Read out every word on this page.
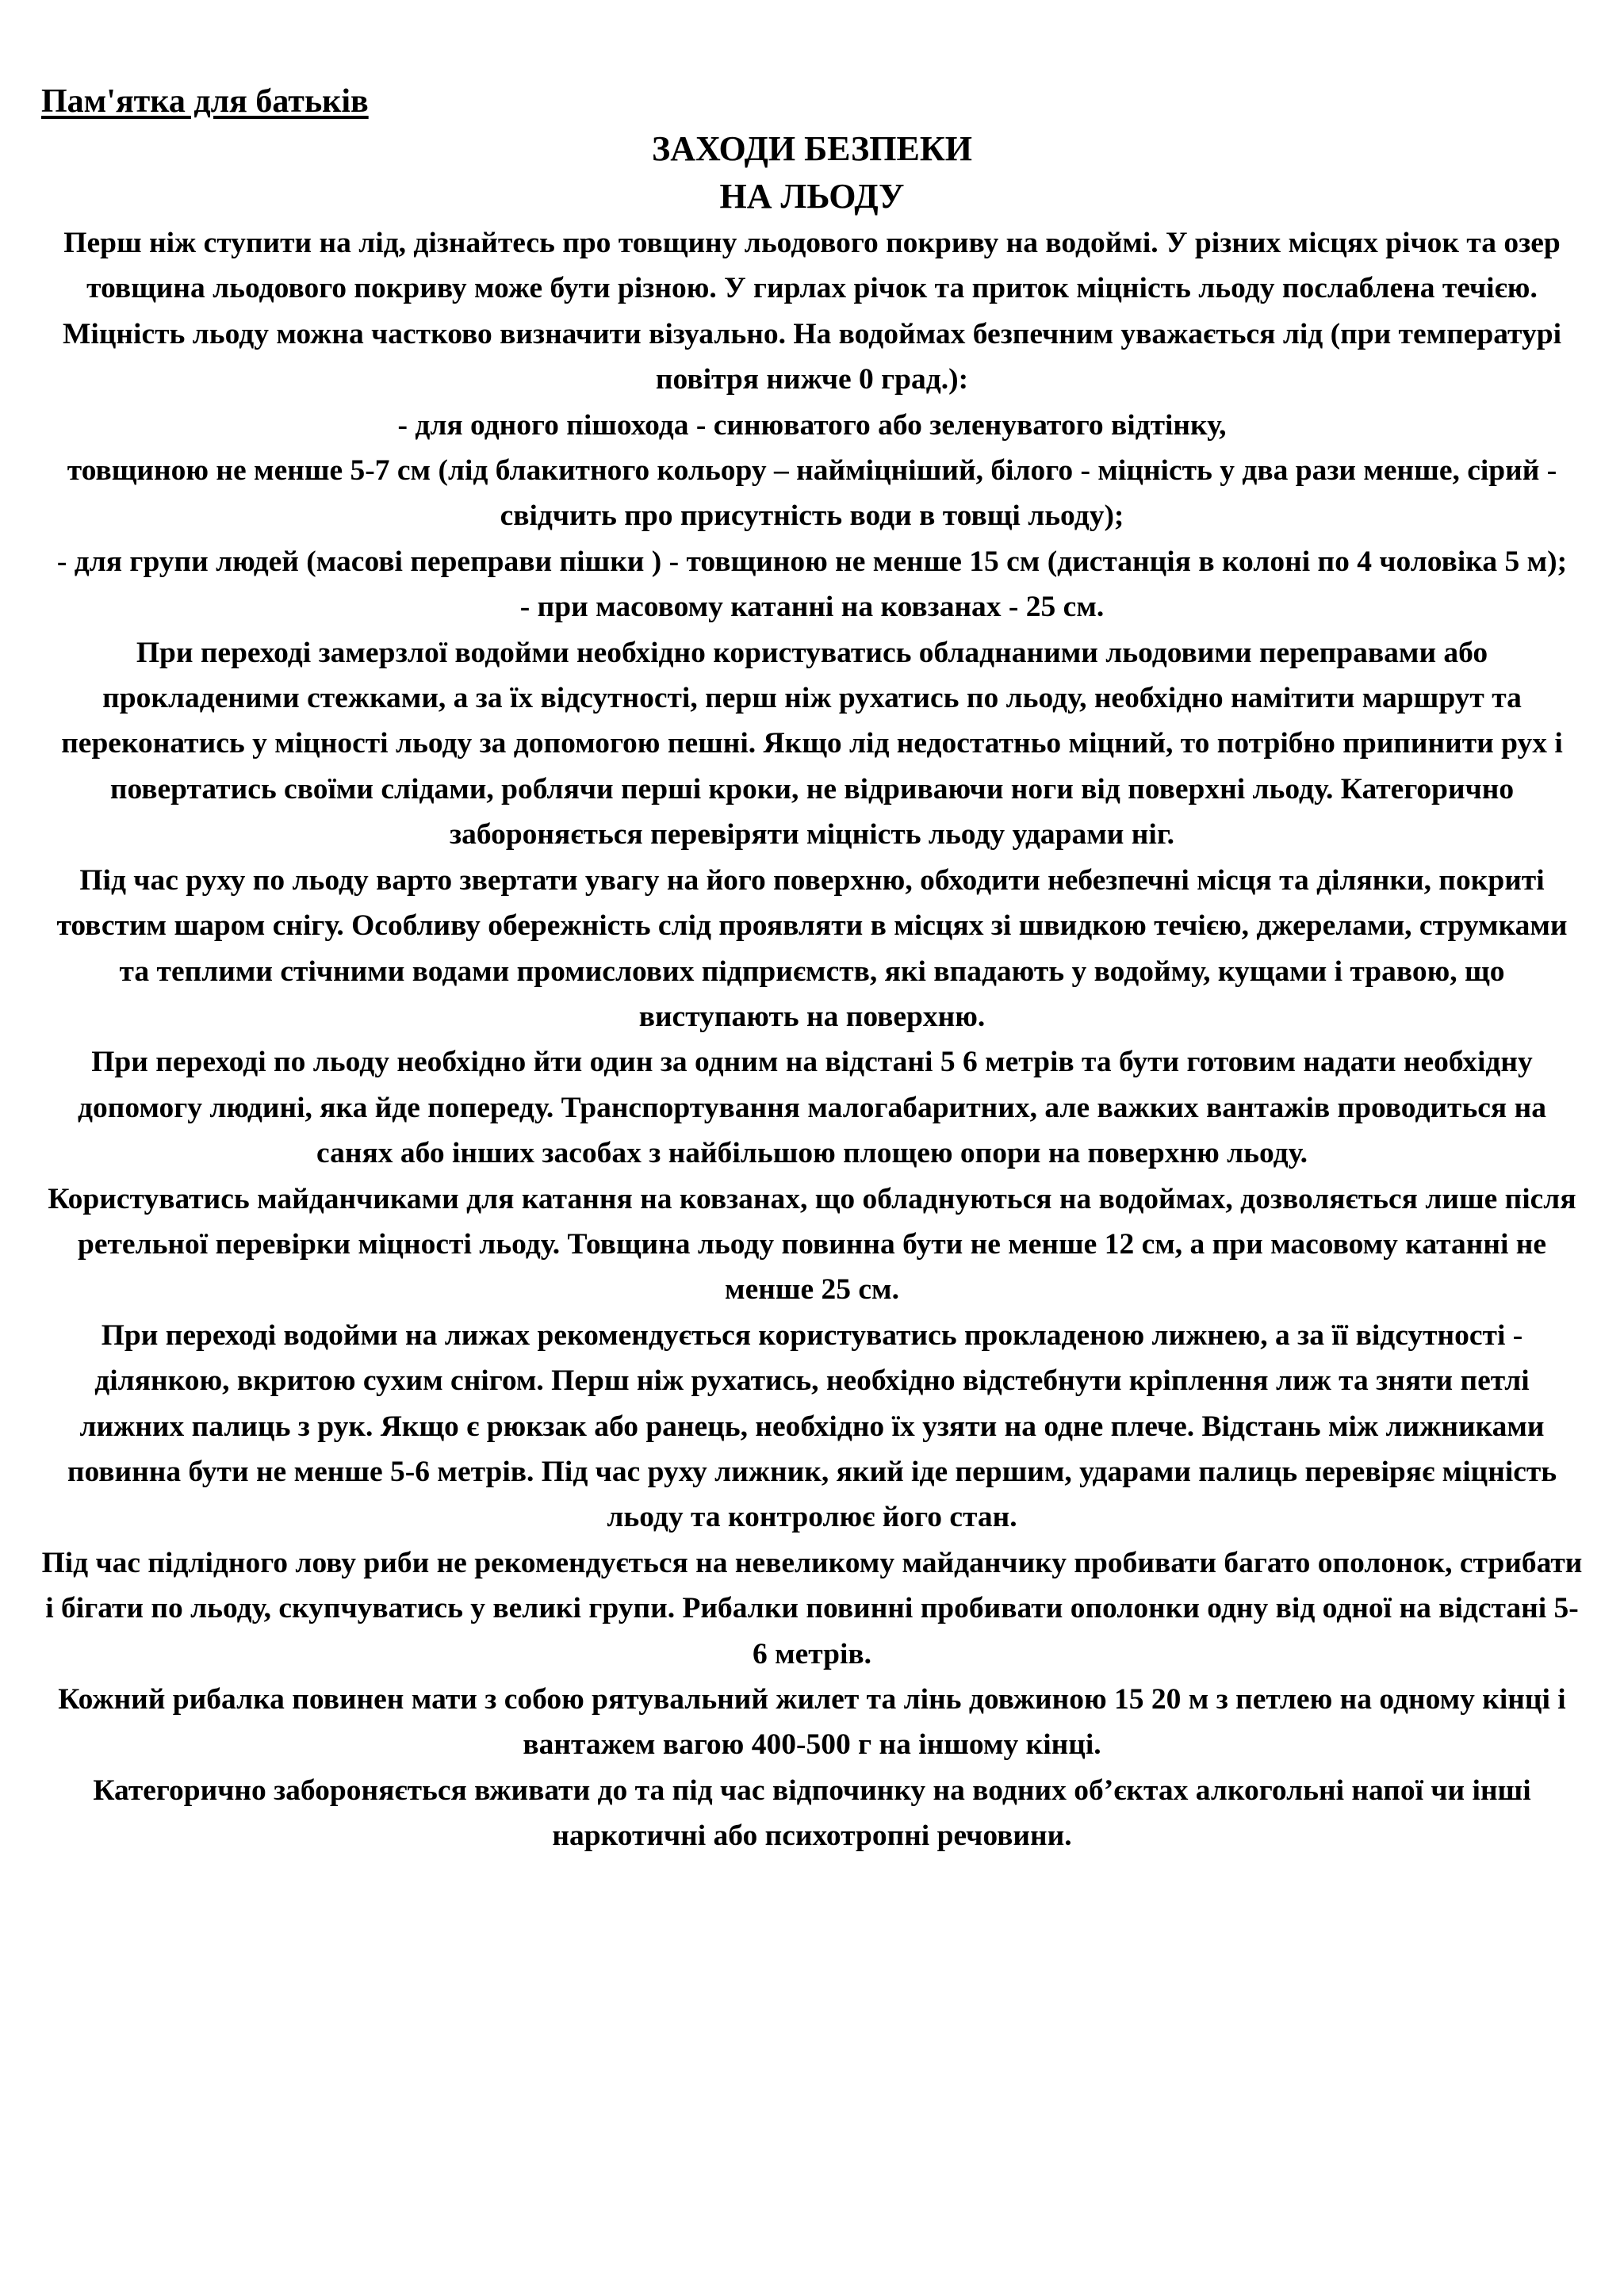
Пам'ятка для батьків

ЗАХОДИ БЕЗПЕКИ

НА ЛЬОДУ

Перш ніж ступити на лід, дізнайтесь про товщину льодового покриву на водоймі. У різних місцях річок та озер товщина льодового покриву може бути різною. У гирлах річок та приток міцність льоду послаблена течією.

Міцність льоду можна частково визначити візуально. На водоймах безпечним уважається лід (при температурі повітря нижче 0 град.):

- для одного пішохода - синюватого або зеленуватого відтінку,

товщиною не менше 5-7 см (лід блакитного кольору – найміцніший, білого - міцність у два рази менше, сірий - свідчить про присутність води в товщі льоду);

- для групи людей (масові переправи пішки ) - товщиною не менше 15 см (дистанція в колоні по 4 чоловіка 5 м);

- при масовому катанні на ковзанах - 25 см.

При переході замерзлої водойми необхідно користуватись обладнаними льодовими переправами або прокладеними стежками, а за їх відсутності, перш ніж рухатись по льоду, необхідно намітити маршрут та переконатись у міцності льоду за допомогою пешні. Якщо лід недостатньо міцний, то потрібно припинити рух і повертатись своїми слідами, роблячи перші кроки, не відриваючи ноги від поверхні льоду. Категорично забороняється перевіряти міцність льоду ударами ніг.

Під час руху по льоду варто звертати увагу на його поверхню, обходити небезпечні місця та ділянки, покриті товстим шаром снігу. Особливу обережність слід проявляти в місцях зі швидкою течією, джерелами, струмками та теплими стічними водами промислових підприємств, які впадають у водойму, кущами і травою, що виступають на поверхню.

При переході по льоду необхідно йти один за одним на відстані 5 6 метрів та бути готовим надати необхідну допомогу людині, яка йде попереду. Транспортування малогабаритних, але важких вантажів проводиться на санях або інших засобах з найбільшою площею опори на поверхню льоду.

Користуватись майданчиками для катання на ковзанах, що обладнуються на водоймах, дозволяється лише після ретельної перевірки міцності льоду. Товщина льоду повинна бути не менше 12 см, а при масовому катанні не менше 25 см.

При переході водойми на лижах рекомендується користуватись прокладеною лижнею, а за її відсутності - ділянкою, вкритою сухим снігом. Перш ніж рухатись, необхідно відстебнути кріплення лиж та зняти петлі лижних палиць з рук. Якщо є рюкзак або ранець, необхідно їх узяти на одне плече. Відстань між лижниками повинна бути не менше 5-6 метрів. Під час руху лижник, який іде першим, ударами палиць перевіряє міцність льоду та контролює його стан.

Під час підлідного лову риби не рекомендується на невеликому майданчику пробивати багато ополонок, стрибати і бігати по льоду, скупчуватись у великі групи. Рибалки повинні пробивати ополонки одну від одної на відстані 5-6 метрів.

Кожний рибалка повинен мати з собою рятувальний жилет та лінь довжиною 15 20 м з петлею на одному кінці і вантажем вагою 400-500 г на іншому кінці.

Категорично забороняється вживати до та під час відпочинку на водних об’єктах алкогольні напої чи інші наркотичні або психотропні речовини.
